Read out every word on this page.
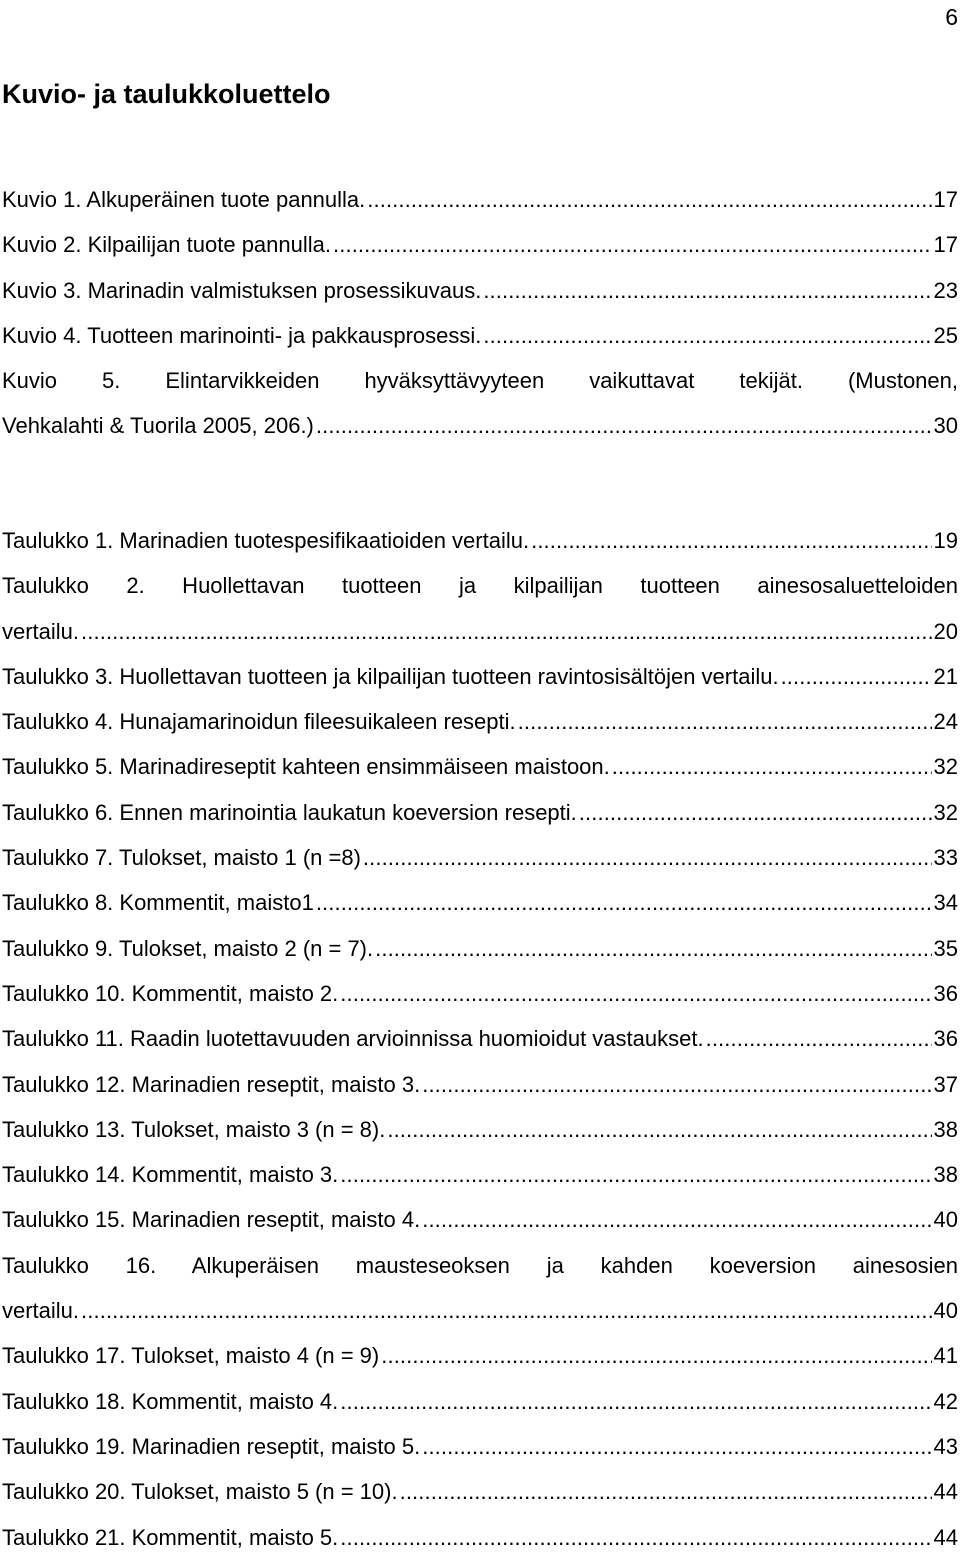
6
Kuvio- ja taulukkoluettelo
Kuvio 1. Alkuperäinen tuote pannulla. . . .	17
Kuvio 2. Kilpailijan tuote pannulla. . . .	17
Kuvio 3. Marinadin valmistuksen prosessikuvaus. . . .	23
Kuvio 4. Tuotteen marinointi- ja pakkausprosessi. . . .	25
Kuvio 5. Elintarvikkeiden hyväksyttävyyteen vaikuttavat tekijät. (Mustonen,
Vehkalahti & Tuorila 2005, 206.) . . .	30
Taulukko 1. Marinadien tuotespesifikaatioiden vertailu. . . .	19
Taulukko 2. Huollettavan tuotteen ja kilpailijan tuotteen ainesosaluetteloiden
vertailu. . . .	20
Taulukko 3. Huollettavan tuotteen ja kilpailijan tuotteen ravintosisältöjen vertailu. . . .	21
Taulukko 4. Hunajamarinoidun fileesuikaleen resepti. . . .	24
Taulukko 5. Marinadireseptit kahteen ensimmäiseen maistoon. . . .	32
Taulukko 6. Ennen marinointia laukatun koeversion resepti. . . .	32
Taulukko 7. Tulokset, maisto 1 (n =8) . . .	33
Taulukko 8. Kommentit, maisto1 . . .	34
Taulukko 9. Tulokset, maisto 2 (n = 7). . . .	35
Taulukko 10. Kommentit, maisto 2. . . .	36
Taulukko 11. Raadin luotettavuuden arvioinnissa huomioidut vastaukset. . . .	36
Taulukko 12. Marinadien reseptit, maisto 3. . . .	37
Taulukko 13. Tulokset, maisto 3 (n = 8). . . .	38
Taulukko 14. Kommentit, maisto 3. . . .	38
Taulukko 15. Marinadien reseptit, maisto 4. . . .	40
Taulukko 16. Alkuperäisen mausteseoksen ja kahden koeversion ainesosien
vertailu. . . .	40
Taulukko 17. Tulokset, maisto 4 (n = 9) . . .	41
Taulukko 18. Kommentit, maisto 4. . . .	42
Taulukko 19. Marinadien reseptit, maisto 5. . . .	43
Taulukko 20. Tulokset, maisto 5 (n = 10). . . .	44
Taulukko 21. Kommentit, maisto 5. . . .	44
